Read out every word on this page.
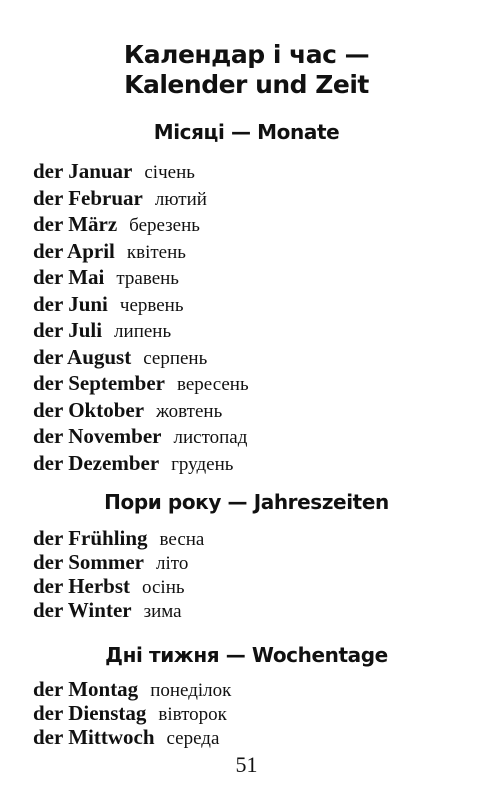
Календар і час —
Kalender und Zeit
Місяці — Monate
der Januar січень
der Februar лютий
der März березень
der April квітень
der Mai травень
der Juni червень
der Juli липень
der August серпень
der September вересень
der Oktober жовтень
der November листопад
der Dezember грудень
Пори року — Jahreszeiten
der Frühling весна
der Sommer літо
der Herbst осінь
der Winter зима
Дні тижня — Wochentage
der Montag понеділок
der Dienstag вівторок
der Mittwoch середа
51
